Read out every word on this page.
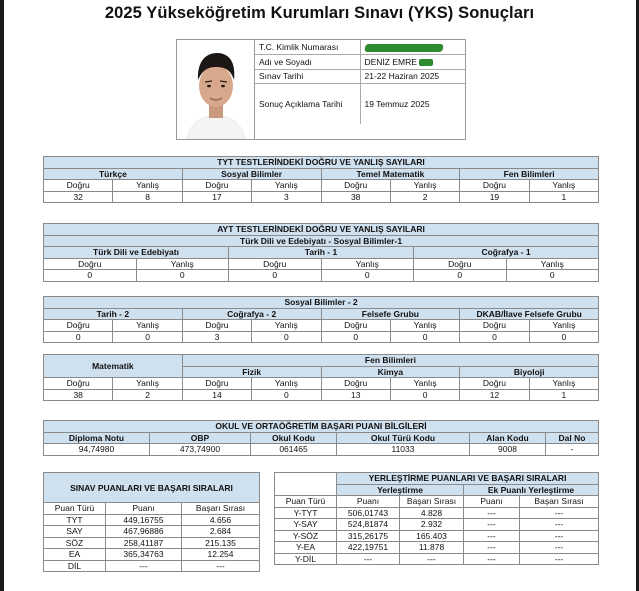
2025 Yükseköğretim Kurumları Sınavı (YKS) Sonuçları
T.C. Kimlik Numarası	
Adı ve Soyadı	DENİZ EMRE
Sınav Tarihi	21-22 Haziran 2025
Sonuç Açıklama Tarihi	19 Temmuz 2025
TYT TESTLERİNDEKİ DOĞRU VE YANLIŞ SAYILARI							
Türkçe		Sosyal Bilimler		Temel Matematik		Fen Bilimleri	
Doğru	Yanlış	Doğru	Yanlış	Doğru	Yanlış	Doğru	Yanlış
32	8	17	3	38	2	19	1
AYT TESTLERİNDEKİ DOĞRU VE YANLIŞ SAYILARI					
Türk Dili ve Edebiyatı - Sosyal Bilimler-1					
Türk Dili ve Edebiyatı		Tarih - 1		Coğrafya - 1	
Doğru	Yanlış	Doğru	Yanlış	Doğru	Yanlış
0	0	0	0	0	0
Sosyal Bilimler - 2							
Tarih - 2		Coğrafya - 2		Felsefe Grubu		DKAB/İlave Felsefe Grubu	
Doğru	Yanlış	Doğru	Yanlış	Doğru	Yanlış	Doğru	Yanlış
0	0	3	0	0	0	0	0
Matematik		Fen Bilimleri					
		Fizik		Kimya		Biyoloji	
Doğru	Yanlış	Doğru	Yanlış	Doğru	Yanlış	Doğru	Yanlış
38	2	14	0	13	0	12	1
OKUL VE ORTAÖĞRETİM BAŞARI PUANI BİLGİLERİ					
Diploma Notu	OBP	Okul Kodu	Okul Türü Kodu	Alan Kodu	Dal No
94,74980	473,74900	061465	11033	9008	-
SINAV PUANLARI VE BAŞARI SIRALARI		
Puan Türü	Puanı	Başarı Sırası
TYT	449,16755	4.656
SAY	467,96886	2.684
SÖZ	258,41187	215.135
EA	365,34763	12.254
DİL	---	---
	YERLEŞTİRME PUANLARI VE BAŞARI SIRALARI			
	Yerleştirme		Ek Puanlı Yerleştirme	
Puan Türü	Puanı	Başarı Sırası	Puanı	Başarı Sırası
Y-TYT	506,01743	4.828	---	---
Y-SAY	524,81874	2.932	---	---
Y-SÖZ	315,26175	165.403	---	---
Y-EA	422,19751	11.878	---	---
Y-DİL	---	---	---	---
